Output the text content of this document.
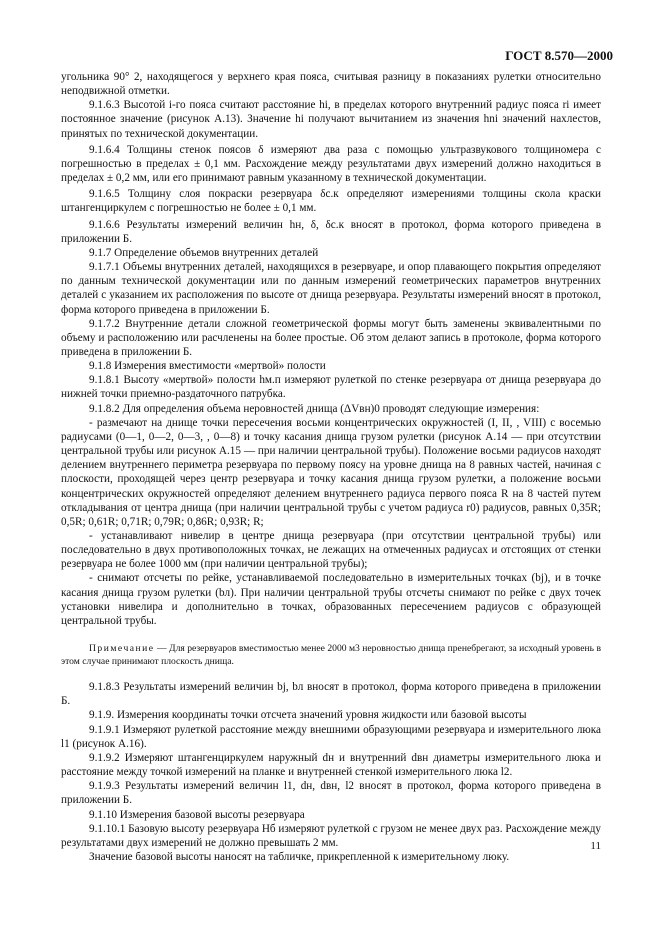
ГОСТ 8.570—2000

угольника 90° 2, находящегося у верхнего края пояса, считывая разницу в показаниях рулетки относительно неподвижной отметки.

9.1.6.3 Высотой i-го пояса считают расстояние hi, в пределах которого внутренний радиус пояса ri имеет постоянное значение (рисунок А.13). Значение hi получают вычитанием из значения hni значений нахлестов, принятых по технической документации.

9.1.6.4 Толщины стенок поясов δ измеряют два раза с помощью ультразвукового толщиномера с погрешностью в пределах ± 0,1 мм. Расхождение между результатами двух измерений должно находиться в пределах ± 0,2 мм, или его принимают равным указанному в технической документации.

9.1.6.5 Толщину слоя покраски резервуара δс.к определяют измерениями толщины скола краски штангенциркулем с погрешностью не более ± 0,1 мм.

9.1.6.6 Результаты измерений величин hн, δ, δс.к вносят в протокол, форма которого приведена в приложении Б.

9.1.7 Определение объемов внутренних деталей

9.1.7.1 Объемы внутренних деталей, находящихся в резервуаре, и опор плавающего покрытия определяют по данным технической документации или по данным измерений геометрических параметров внутренних деталей с указанием их расположения по высоте от днища резервуара. Результаты измерений вносят в протокол, форма которого приведена в приложении Б.

9.1.7.2 Внутренние детали сложной геометрической формы могут быть заменены эквивалентными по объему и расположению или расчленены на более простые. Об этом делают запись в протоколе, форма которого приведена в приложении Б.

9.1.8 Измерения вместимости «мертвой» полости

9.1.8.1 Высоту «мертвой» полости hм.п измеряют рулеткой по стенке резервуара от днища резервуара до нижней точки приемно-раздаточного патрубка.

9.1.8.2 Для определения объема неровностей днища (ΔVвн)0 проводят следующие измерения:

- размечают на днище точки пересечения восьми концентрических окружностей (I, II, , VIII) с восемью радиусами (0—1, 0—2, 0—3, , 0—8) и точку касания днища грузом рулетки (рисунок А.14 — при отсутствии центральной трубы или рисунок А.15 — при наличии центральной трубы). Положение восьми радиусов находят делением внутреннего периметра резервуара по первому поясу на уровне днища на 8 равных частей, начиная с плоскости, проходящей через центр резервуара и точку касания днища грузом рулетки, а положение восьми концентрических окружностей определяют делением внутреннего радиуса первого пояса R на 8 частей путем откладывания от центра днища (при наличии центральной трубы с учетом радиуса r0) радиусов, равных 0,35R; 0,5R; 0,61R; 0,71R; 0,79R; 0,86R; 0,93R; R;

- устанавливают нивелир в центре днища резервуара (при отсутствии центральной трубы) или последовательно в двух противоположных точках, не лежащих на отмеченных радиусах и отстоящих от стенки резервуара не более 1000 мм (при наличии центральной трубы);

- снимают отсчеты по рейке, устанавливаемой последовательно в измерительных точках (bj), и в точке касания днища грузом рулетки (bл). При наличии центральной трубы отсчеты снимают по рейке с двух точек установки нивелира и дополнительно в точках, образованных пересечением радиусов с образующей центральной трубы.

Примечание — Для резервуаров вместимостью менее 2000 м3 неровностью днища пренебрегают, за исходный уровень в этом случае принимают плоскость днища.

9.1.8.3 Результаты измерений величин bj, bл вносят в протокол, форма которого приведена в приложении Б.

9.1.9. Измерения координаты точки отсчета значений уровня жидкости или базовой высоты

9.1.9.1 Измеряют рулеткой расстояние между внешними образующими резервуара и измерительного люка l1 (рисунок А.16).

9.1.9.2 Измеряют штангенциркулем наружный dн и внутренний dвн диаметры измерительного люка и расстояние между точкой измерений на планке и внутренней стенкой измерительного люка l2.

9.1.9.3 Результаты измерений величин l1, dн, dвн, l2 вносят в протокол, форма которого приведена в приложении Б.

9.1.10 Измерения базовой высоты резервуара

9.1.10.1 Базовую высоту резервуара Hб измеряют рулеткой с грузом не менее двух раз. Расхождение между результатами двух измерений не должно превышать 2 мм.

Значение базовой высоты наносят на табличке, прикрепленной к измерительному люку.

11
